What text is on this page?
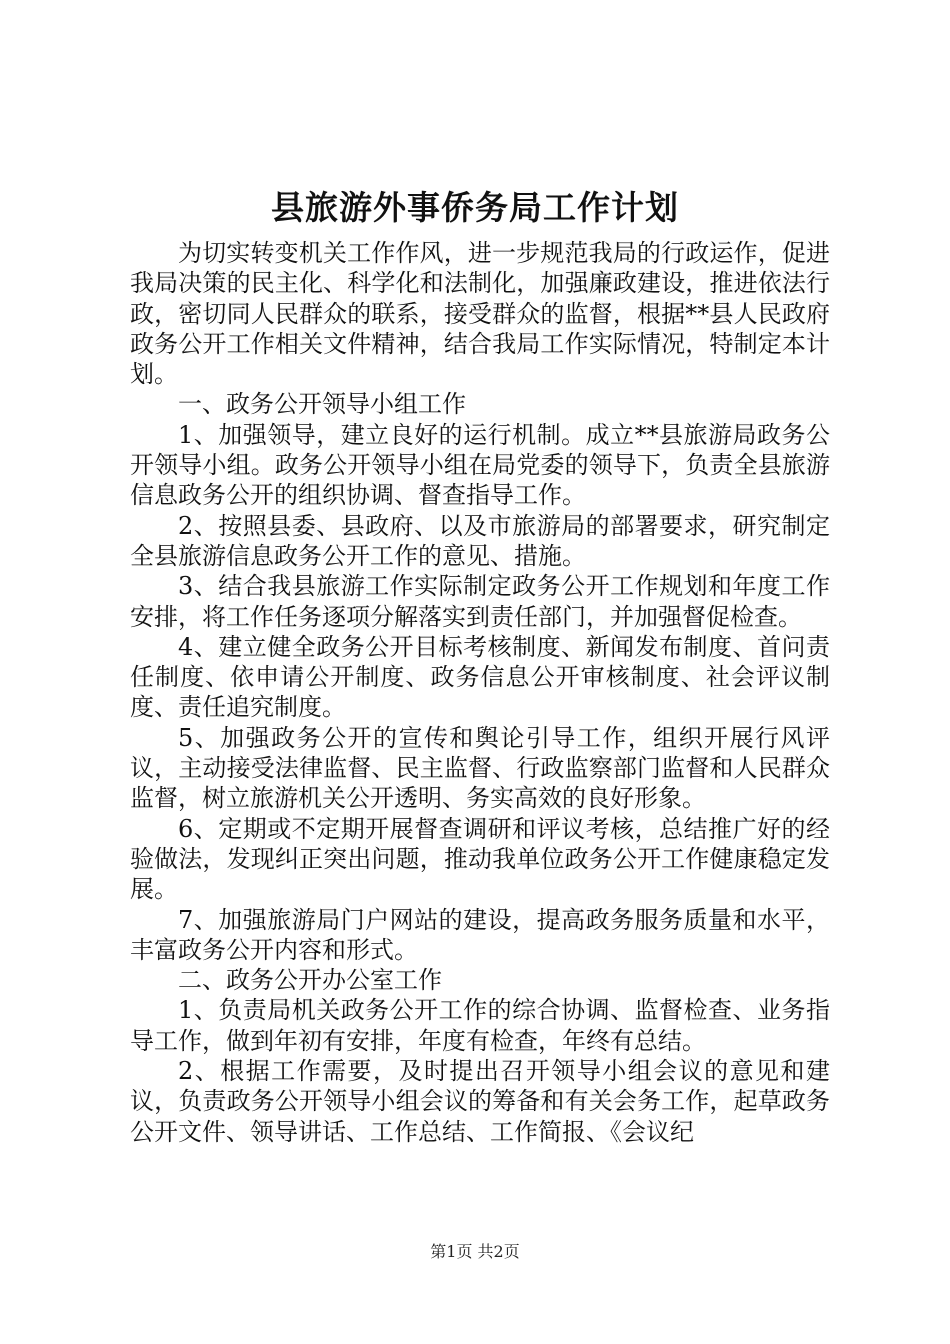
县旅游外事侨务局工作计划

为切实转变机关工作作风，进一步规范我局的行政运作，促进我局决策的民主化、科学化和法制化，加强廉政建设，推进依法行政，密切同人民群众的联系，接受群众的监督，根据**县人民政府政务公开工作相关文件精神，结合我局工作实际情况，特制定本计划。

一、政务公开领导小组工作

1、加强领导，建立良好的运行机制。成立**县旅游局政务公开领导小组。政务公开领导小组在局党委的领导下，负责全县旅游信息政务公开的组织协调、督查指导工作。

2、按照县委、县政府、以及市旅游局的部署要求，研究制定全县旅游信息政务公开工作的意见、措施。

3、结合我县旅游工作实际制定政务公开工作规划和年度工作安排，将工作任务逐项分解落实到责任部门，并加强督促检查。

4、建立健全政务公开目标考核制度、新闻发布制度、首问责任制度、依申请公开制度、政务信息公开审核制度、社会评议制度、责任追究制度。

5、加强政务公开的宣传和舆论引导工作，组织开展行风评议，主动接受法律监督、民主监督、行政监察部门监督和人民群众监督，树立旅游机关公开透明、务实高效的良好形象。

6、定期或不定期开展督查调研和评议考核，总结推广好的经验做法，发现纠正突出问题，推动我单位政务公开工作健康稳定发展。

7、加强旅游局门户网站的建设，提高政务服务质量和水平，丰富政务公开内容和形式。

二、政务公开办公室工作

1、负责局机关政务公开工作的综合协调、监督检查、业务指导工作，做到年初有安排，年度有检查，年终有总结。

2、根据工作需要，及时提出召开领导小组会议的意见和建议，负责政务公开领导小组会议的筹备和有关会务工作，起草政务公开文件、领导讲话、工作总结、工作简报、《会议纪

第1页 共2页
